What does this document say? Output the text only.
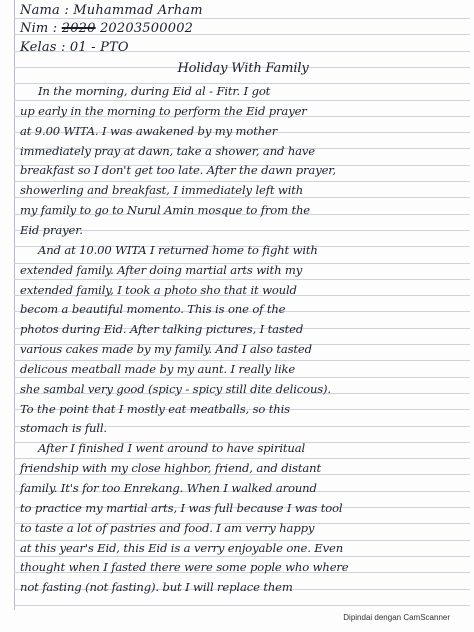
Nama : Muhammad Arham
Nim : 2020 20203500002
Kelas : 01 - PTO
Holiday With Family
In the morning, during Eid al - Fitr. I got
up early in the morning to perform the Eid prayer
at 9.00 WITA. I was awakened by my mother
immediately pray at dawn, take a shower, and have
breakfast so I don't get too late. After the dawn prayer,
showerling and breakfast, I immediately left with
my family to go to Nurul Amin mosque to from the
Eid prayer.
And at 10.00 WITA I returned home to fight with
extended family. After doing martial arts with my
extended family, I took a photo sho that it would
becom a beautiful momento. This is one of the
photos during Eid. After talking pictures, I tasted
various cakes made by my family. And I also tasted
delicous meatball made by my aunt. I really like
she sambal very good (spicy - spicy still dite delicous).
To the point that I mostly eat meatballs, so this
stomach is full.
After I finished I went around to have spiritual
friendship with my close highbor, friend, and distant
family. It's for too Enrekang. When I walked around
to practice my martial arts, I was full because I was tool
to taste a lot of pastries and food. I am verry happy
at this year's Eid, this Eid is a verry enjoyable one. Even
thought when I fasted there were some pople who where
not fasting (not fasting). but I will replace them
Dipindai dengan CamScanner
